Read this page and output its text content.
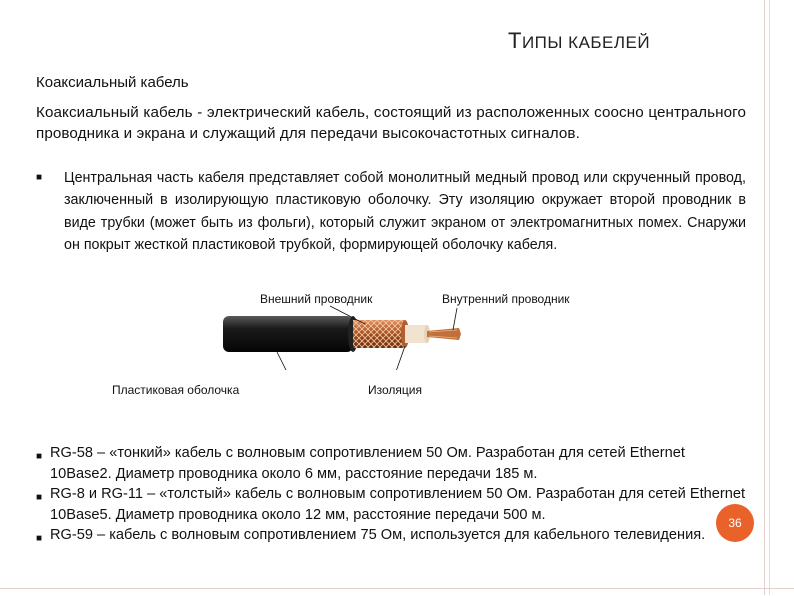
ТИПЫ КАБЕЛЕЙ
Коаксиальный кабель
Коаксиальный кабель - электрический кабель, состоящий из расположенных соосно центрального проводника и экрана и служащий для передачи высокочастотных сигналов.
■ Центральная часть кабеля представляет собой монолитный медный провод или скрученный провод, заключенный в изолирующую пластиковую оболочку. Эту изоляцию окружает второй проводник в виде трубки (может быть из фольги), который служит экраном от электромагнитных помех. Снаружи он покрыт жесткой пластиковой трубкой, формирующей оболочку кабеля.
Внешний проводник	Внутренний проводник
Пластиковая оболочка	Изоляция
■ RG-58 – «тонкий» кабель с волновым сопротивлением 50 Ом. Разработан для сетей Ethernet 10Base2. Диаметр проводника около 6 мм, расстояние передачи 185 м.
■ RG-8 и RG-11 – «толстый» кабель с волновым сопротивлением 50 Ом. Разработан для сетей Ethernet 10Base5. Диаметр проводника около 12 мм, расстояние передачи 500 м.
■ RG-59 – кабель с волновым сопротивлением 75 Ом, используется для кабельного телевидения.
36
